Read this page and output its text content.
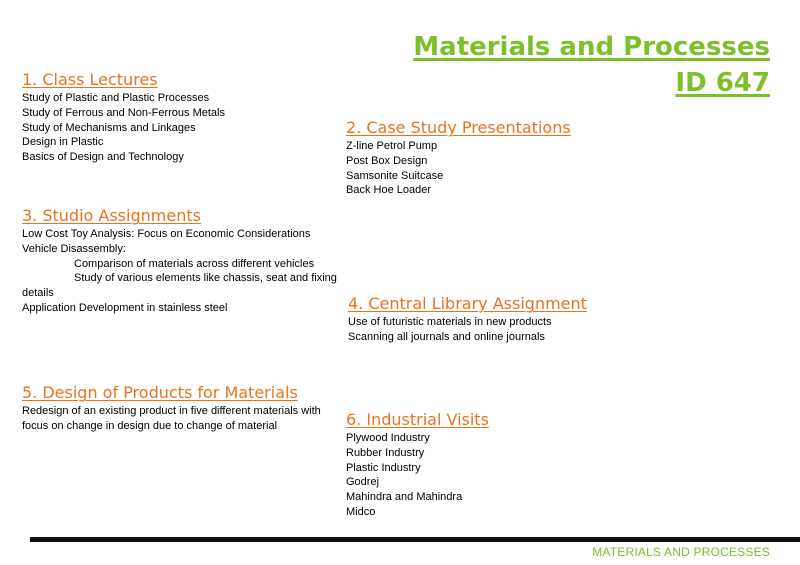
Materials and Processes
ID 647
1. Class Lectures
Study of Plastic and Plastic Processes
Study of Ferrous and Non-Ferrous Metals
Study of Mechanisms and Linkages
Design in Plastic
Basics of Design and Technology
2. Case Study Presentations
Z-line Petrol Pump
Post Box Design
Samsonite Suitcase
Back Hoe Loader
3. Studio Assignments
Low Cost Toy Analysis: Focus on Economic Considerations
Vehicle Disassembly:
Comparison of materials across different vehicles
Study of various elements like chassis, seat and fixing details
Application Development in stainless steel	4. Central Library Assignment
Use of futuristic materials in new products
Scanning all journals and online journals
5. Design of Products for Materials
Redesign of an existing product in five different materials with focus on change in design due to change of material	6. Industrial Visits
Plywood Industry
Rubber Industry
Plastic Industry
Godrej
Mahindra and Mahindra
Midco
MATERIALS AND PROCESSES
